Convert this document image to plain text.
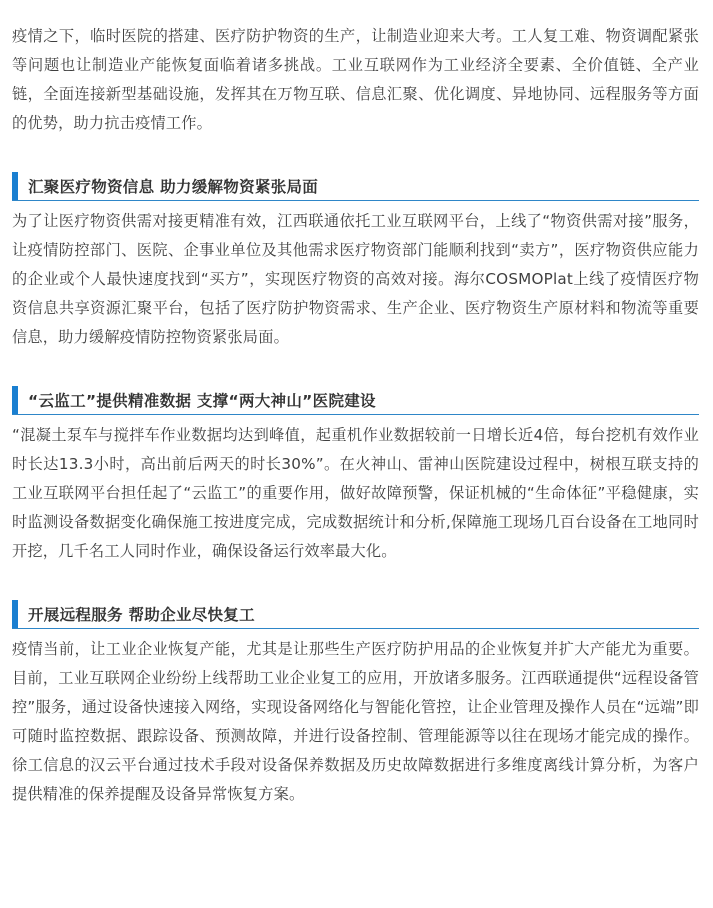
疫情之下，临时医院的搭建、医疗防护物资的生产，让制造业迎来大考。工人复工难、物资调配紧张等问题也让制造业产能恢复面临着诸多挑战。工业互联网作为工业经济全要素、全价值链、全产业链，全面连接新型基础设施，发挥其在万物互联、信息汇聚、优化调度、异地协同、远程服务等方面的优势，助力抗击疫情工作。

汇聚医疗物资信息 助力缓解物资紧张局面

为了让医疗物资供需对接更精准有效，江西联通依托工业互联网平台，上线了“物资供需对接”服务，让疫情防控部门、医院、企事业单位及其他需求医疗物资部门能顺利找到“卖方”，医疗物资供应能力的企业或个人最快速度找到“买方”，实现医疗物资的高效对接。海尔COSMOPlat上线了疫情医疗物资信息共享资源汇聚平台，包括了医疗防护物资需求、生产企业、医疗物资生产原材料和物流等重要信息，助力缓解疫情防控物资紧张局面。

“云监工”提供精准数据 支撑“两大神山”医院建设

“混凝土泵车与搅拌车作业数据均达到峰值，起重机作业数据较前一日增长近4倍，每台挖机有效作业时长达13.3小时，高出前后两天的时长30%”。在火神山、雷神山医院建设过程中，树根互联支持的工业互联网平台担任起了“云监工”的重要作用，做好故障预警，保证机械的“生命体征”平稳健康，实时监测设备数据变化确保施工按进度完成，完成数据统计和分析,保障施工现场几百台设备在工地同时开挖，几千名工人同时作业，确保设备运行效率最大化。

开展远程服务 帮助企业尽快复工

疫情当前，让工业企业恢复产能，尤其是让那些生产医疗防护用品的企业恢复并扩大产能尤为重要。目前，工业互联网企业纷纷上线帮助工业企业复工的应用，开放诸多服务。江西联通提供“远程设备管控”服务，通过设备快速接入网络，实现设备网络化与智能化管控，让企业管理及操作人员在“远端”即可随时监控数据、跟踪设备、预测故障，并进行设备控制、管理能源等以往在现场才能完成的操作。徐工信息的汉云平台通过技术手段对设备保养数据及历史故障数据进行多维度离线计算分析，为客户提供精准的保养提醒及设备异常恢复方案。
